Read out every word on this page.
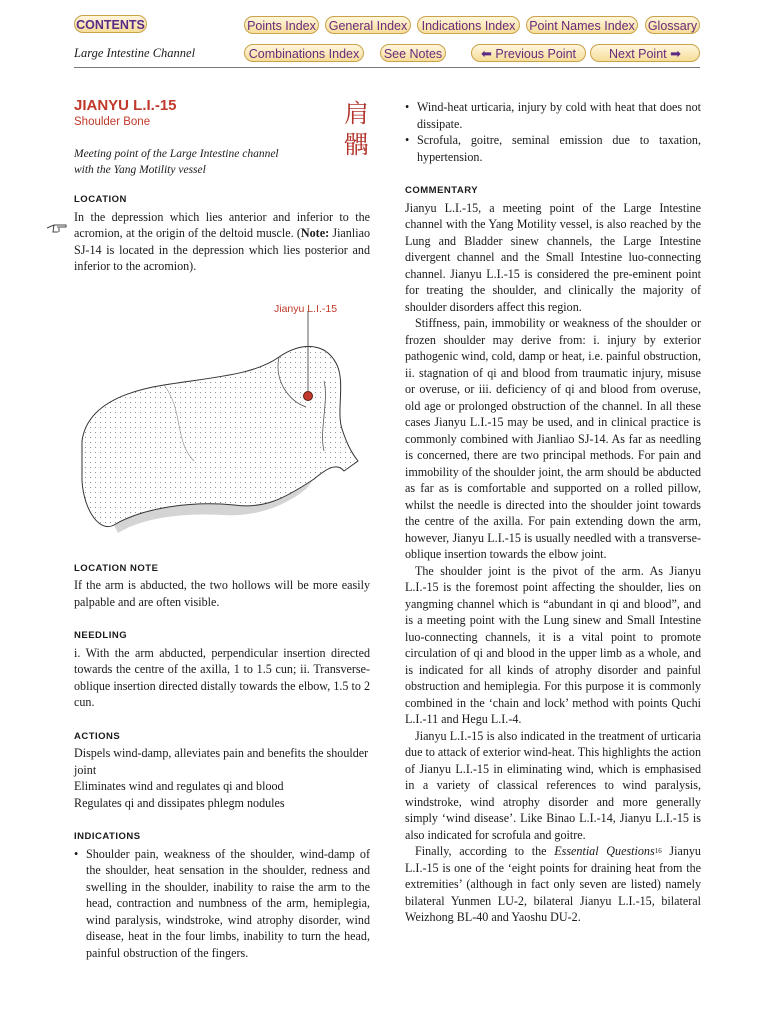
CONTENTS	Points Index General Index	Indications Index	Point Names Index Glossary
Large Intestine Channel	Combinations Index	See Notes	⬅ Previous Point	Next Point ➡
肩髃
JIANYU L.I.-15
Shoulder Bone
Meeting point of the Large Intestine channel with the Yang Motility vessel
LOCATION

In the depression which lies anterior and inferior to the acromion, at the origin of the deltoid muscle. (Note: Jianliao SJ-14 is located in the depression which lies posterior and inferior to the acromion).

Jianyu L.I.-15
LOCATION NOTE

If the arm is abducted, the two hollows will be more easily palpable and are often visible.

NEEDLING

i. With the arm abducted, perpendicular insertion directed towards the centre of the axilla, 1 to 1.5 cun; ii. Transverse-oblique insertion directed distally towards the elbow, 1.5 to 2 cun.

ACTIONS
Dispels wind-damp, alleviates pain and benefits the shoulder joint
Eliminates wind and regulates qi and blood
Regulates qi and dissipates phlegm nodules
INDICATIONS
• Shoulder pain, weakness of the shoulder, wind-damp of the shoulder, heat sensation in the shoulder, redness and swelling in the shoulder, inability to raise the arm to the head, contraction and numbness of the arm, hemiplegia, wind paralysis, windstroke, wind atrophy disorder, wind disease, heat in the four limbs, inability to turn the head, painful obstruction of the fingers.
• Wind-heat urticaria, injury by cold with heat that does not dissipate.
• Scrofula, goitre, seminal emission due to taxation, hypertension.
COMMENTARY

Jianyu L.I.-15, a meeting point of the Large Intestine channel with the Yang Motility vessel, is also reached by the Lung and Bladder sinew channels, the Large Intestine divergent channel and the Small Intestine luo-connecting channel. Jianyu L.I.-15 is considered the pre-eminent point for treating the shoulder, and clinically the majority of shoulder disorders affect this region.

Stiffness, pain, immobility or weakness of the shoulder or frozen shoulder may derive from: i. injury by exterior pathogenic wind, cold, damp or heat, i.e. painful obstruction, ii. stagnation of qi and blood from traumatic injury, misuse or overuse, or iii. deficiency of qi and blood from overuse, old age or prolonged obstruction of the channel. In all these cases Jianyu L.I.-15 may be used, and in clinical practice is commonly combined with Jianliao SJ-14. As far as needling is concerned, there are two principal methods. For pain and immobility of the shoulder joint, the arm should be abducted as far as is comfortable and supported on a rolled pillow, whilst the needle is directed into the shoulder joint towards the centre of the axilla. For pain extending down the arm, however, Jianyu L.I.-15 is usually needled with a transverse-oblique insertion towards the elbow joint.

The shoulder joint is the pivot of the arm. As Jianyu L.I.-15 is the foremost point affecting the shoulder, lies on yangming channel which is “abundant in qi and blood”, and is a meeting point with the Lung sinew and Small Intestine luo-connecting channels, it is a vital point to promote circulation of qi and blood in the upper limb as a whole, and is indicated for all kinds of atrophy disorder and painful obstruction and hemiplegia. For this purpose it is commonly combined in the ‘chain and lock’ method with points Quchi L.I.-11 and Hegu L.I.-4.

Jianyu L.I.-15 is also indicated in the treatment of urticaria due to attack of exterior wind-heat. This highlights the action of Jianyu L.I.-15 in eliminating wind, which is emphasised in a variety of classical references to wind paralysis, windstroke, wind atrophy disorder and more generally simply ‘wind disease’. Like Binao L.I.-14, Jianyu L.I.-15 is also indicated for scrofula and goitre.

Finally, according to the Essential Questions$^{16}$ Jianyu L.I.-15 is one of the ‘eight points for draining heat from the extremities’ (although in fact only seven are listed) namely bilateral Yunmen LU-2, bilateral Jianyu L.I.-15, bilateral Weizhong BL-40 and Yaoshu DU-2.
